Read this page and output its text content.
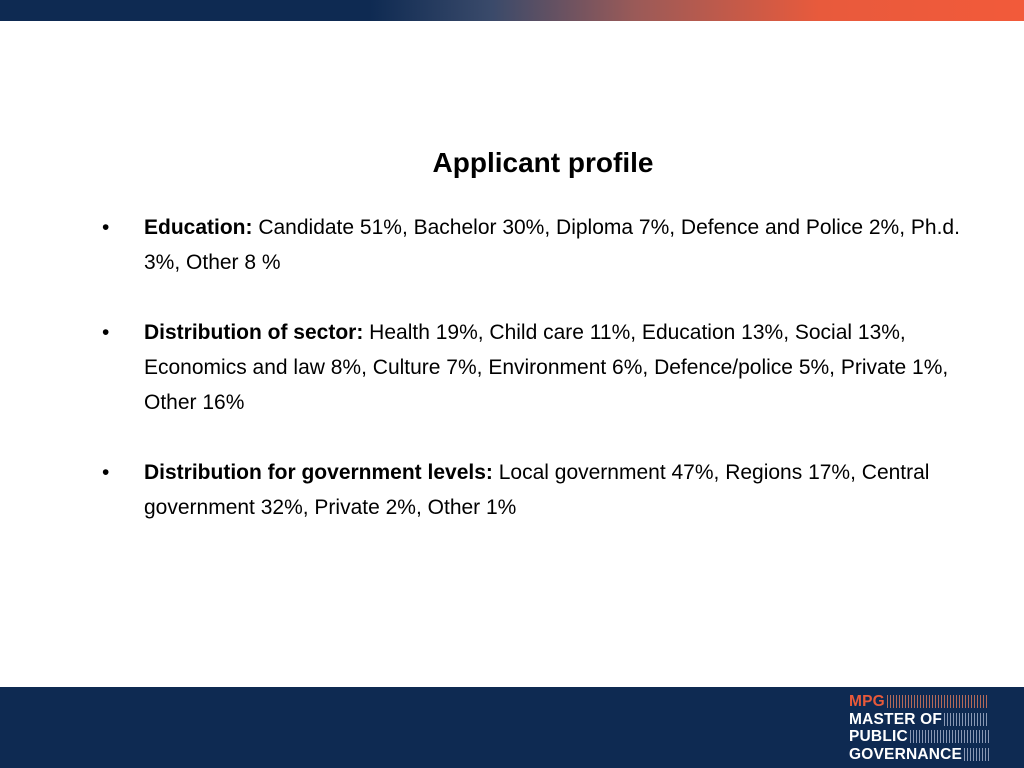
Applicant profile
• Education: Candidate 51%, Bachelor 30%, Diploma 7%, Defence and Police 2%, Ph.d. 3%, Other 8 %
• Distribution of sector: Health 19%, Child care 11%, Education 13%, Social 13%, Economics and law 8%, Culture 7%, Environment 6%, Defence/police 5%, Private 1%, Other 16%
• Distribution for government levels: Local government 47%, Regions 17%, Central government 32%, Private 2%, Other 1%
MPG
MASTER OF
PUBLIC
GOVERNANCE
